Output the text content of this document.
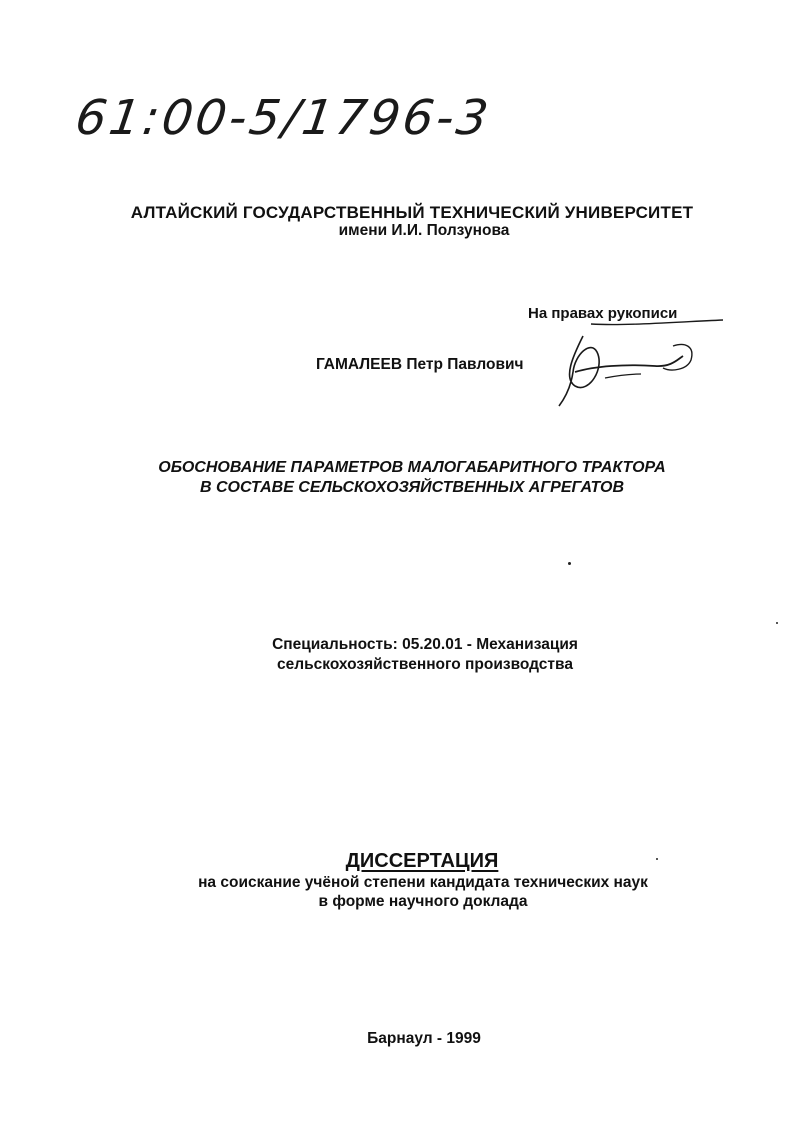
61:00-5/1796-3
АЛТАЙСКИЙ ГОСУДАРСТВЕННЫЙ ТЕХНИЧЕСКИЙ УНИВЕРСИТЕТ
имени И.И. Ползунова
На правах рукописи
ГАМАЛЕЕВ Петр Павлович
ОБОСНОВАНИЕ ПАРАМЕТРОВ МАЛОГАБАРИТНОГО ТРАКТОРА
В СОСТАВЕ СЕЛЬСКОХОЗЯЙСТВЕННЫХ АГРЕГАТОВ
Специальность: 05.20.01 - Механизация
сельскохозяйственного производства
ДИССЕРТАЦИЯ
на соискание учёной степени кандидата технических наук
в форме научного доклада
Барнаул - 1999
